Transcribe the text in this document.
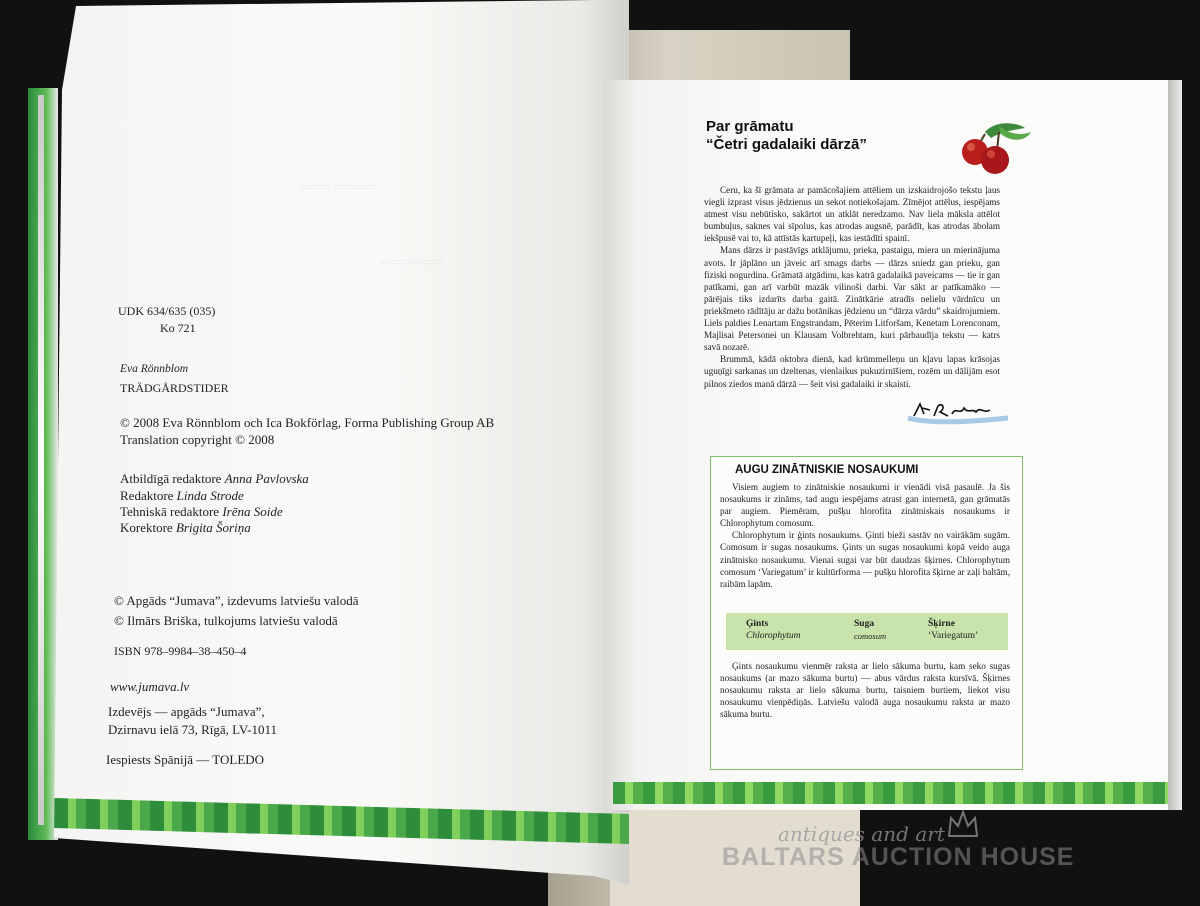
▭▭▭ ▭▭▭▭
▭▭▭▭▭▭
UDK 634/635 (035)
Ko 721
Eva Rönnblom
TRÄDGÅRDSTIDER
© 2008 Eva Rönnblom och Ica Bokförlag, Forma Publishing Group AB
Translation copyright © 2008
Atbildīgā redaktore Anna Pavlovska
Redaktore Linda Strode
Tehniskā redaktore Irēna Soide
Korektore Brigita Šoriņa
© Apgāds “Jumava”, izdevums latviešu valodā
© Ilmārs Briška, tulkojums latviešu valodā
ISBN 978–9984–38–450–4
www.jumava.lv
Izdevējs — apgāds “Jumava”,
Dzirnavu ielā 73, Rīgā, LV-1011
Iespiests Spānijā — TOLEDO
Par grāmatu
“Četri gadalaiki dārzā”

Ceru, ka šī grāmata ar pamācošajiem attēliem un izskaidrojošo tekstu ļaus viegli izprast visus jēdzienus un sekot notiekošajam. Zīmējot attēlus, iespējams atmest visu nebūtisko, sakārtot un atklāt neredzamo. Nav liela māksla attēlot bumbuļus, saknes vai sīpolus, kas atrodas augsnē, parādīt, kas atrodas ābolam iekšpusē vai to, kā attīstās kartupeļi, kas iestādīti spainī.

Mans dārzs ir pastāvīgs atklājumu, prieka, pastaigu, miera un mierinājuma avots. Ir jāplāno un jāveic arī smags darbs — dārzs sniedz gan prieku, gan fiziski nogurdina. Grāmatā atgādinu, kas katrā gadalaikā paveicams — tie ir gan patīkami, gan arī varbūt mazāk vilinoši darbi. Var sākt ar patīkamāko — pārējais tiks izdarīts darba gaitā. Zinātkārie atradīs nelielu vārdnīcu un priekšmeto rādītāju ar dažu botānikas jēdzienu un “dārza vārdu” skaidrojumiem. Liels paldies Lenartam Engstrandam, Pēterim Litforšam, Kenetam Lorenconam, Majlisai Petersonei un Klausam Volbrehtam, kuri pārbaudīja tekstu — katrs savā nozarē.

Brummā, kādā oktobra dienā, kad krūmmelleņu un kļavu lapas krāsojas uguņīgi sarkanas un dzeltenas, vienlaikus pukuzirnīšiem, rozēm un dālijām esot pilnos ziedos manā dārzā — šeit visi gadalaiki ir skaisti.

AUGU ZINĀTNISKIE NOSAUKUMI

Visiem augiem to zinātniskie nosaukumi ir vienādi visā pasaulē. Ja šis nosaukums ir zināms, tad augu iespējams atrast gan internetā, gan grāmatās par augiem. Piemēram, pušķu hlorofita zinātniskais nosaukums ir Chlorophytum comosum.

Chlorophytum ir ģints nosaukums. Ģinti bieži sastāv no vairākām sugām. Comosum ir sugas nosaukums. Ģints un sugas nosaukumi kopā veido auga zinātnisko nosaukumu. Vienai sugai var būt daudzas šķirnes. Chlorophytum comosum ‘Variegatum’ ir kultūrforma — pušķu hlorofita šķirne ar zaļi baltām, raibām lapām.

Ģints
Chlorophytum
Suga
comosum
Šķirne
‘Variegatum’

Ģints nosaukumu vienmēr raksta ar lielo sākuma burtu, kam seko sugas nosaukums (ar mazo sākuma burtu) — abus vārdus raksta kursīvā. Šķirnes nosaukumu raksta ar lielo sākuma burtu, taisniem burtiem, liekot visu nosaukumu vienpēdiņās. Latviešu valodā auga nosaukumu raksta ar mazo sākuma burtu.

antiques and art
BALTARS AUCTION HOUSE
